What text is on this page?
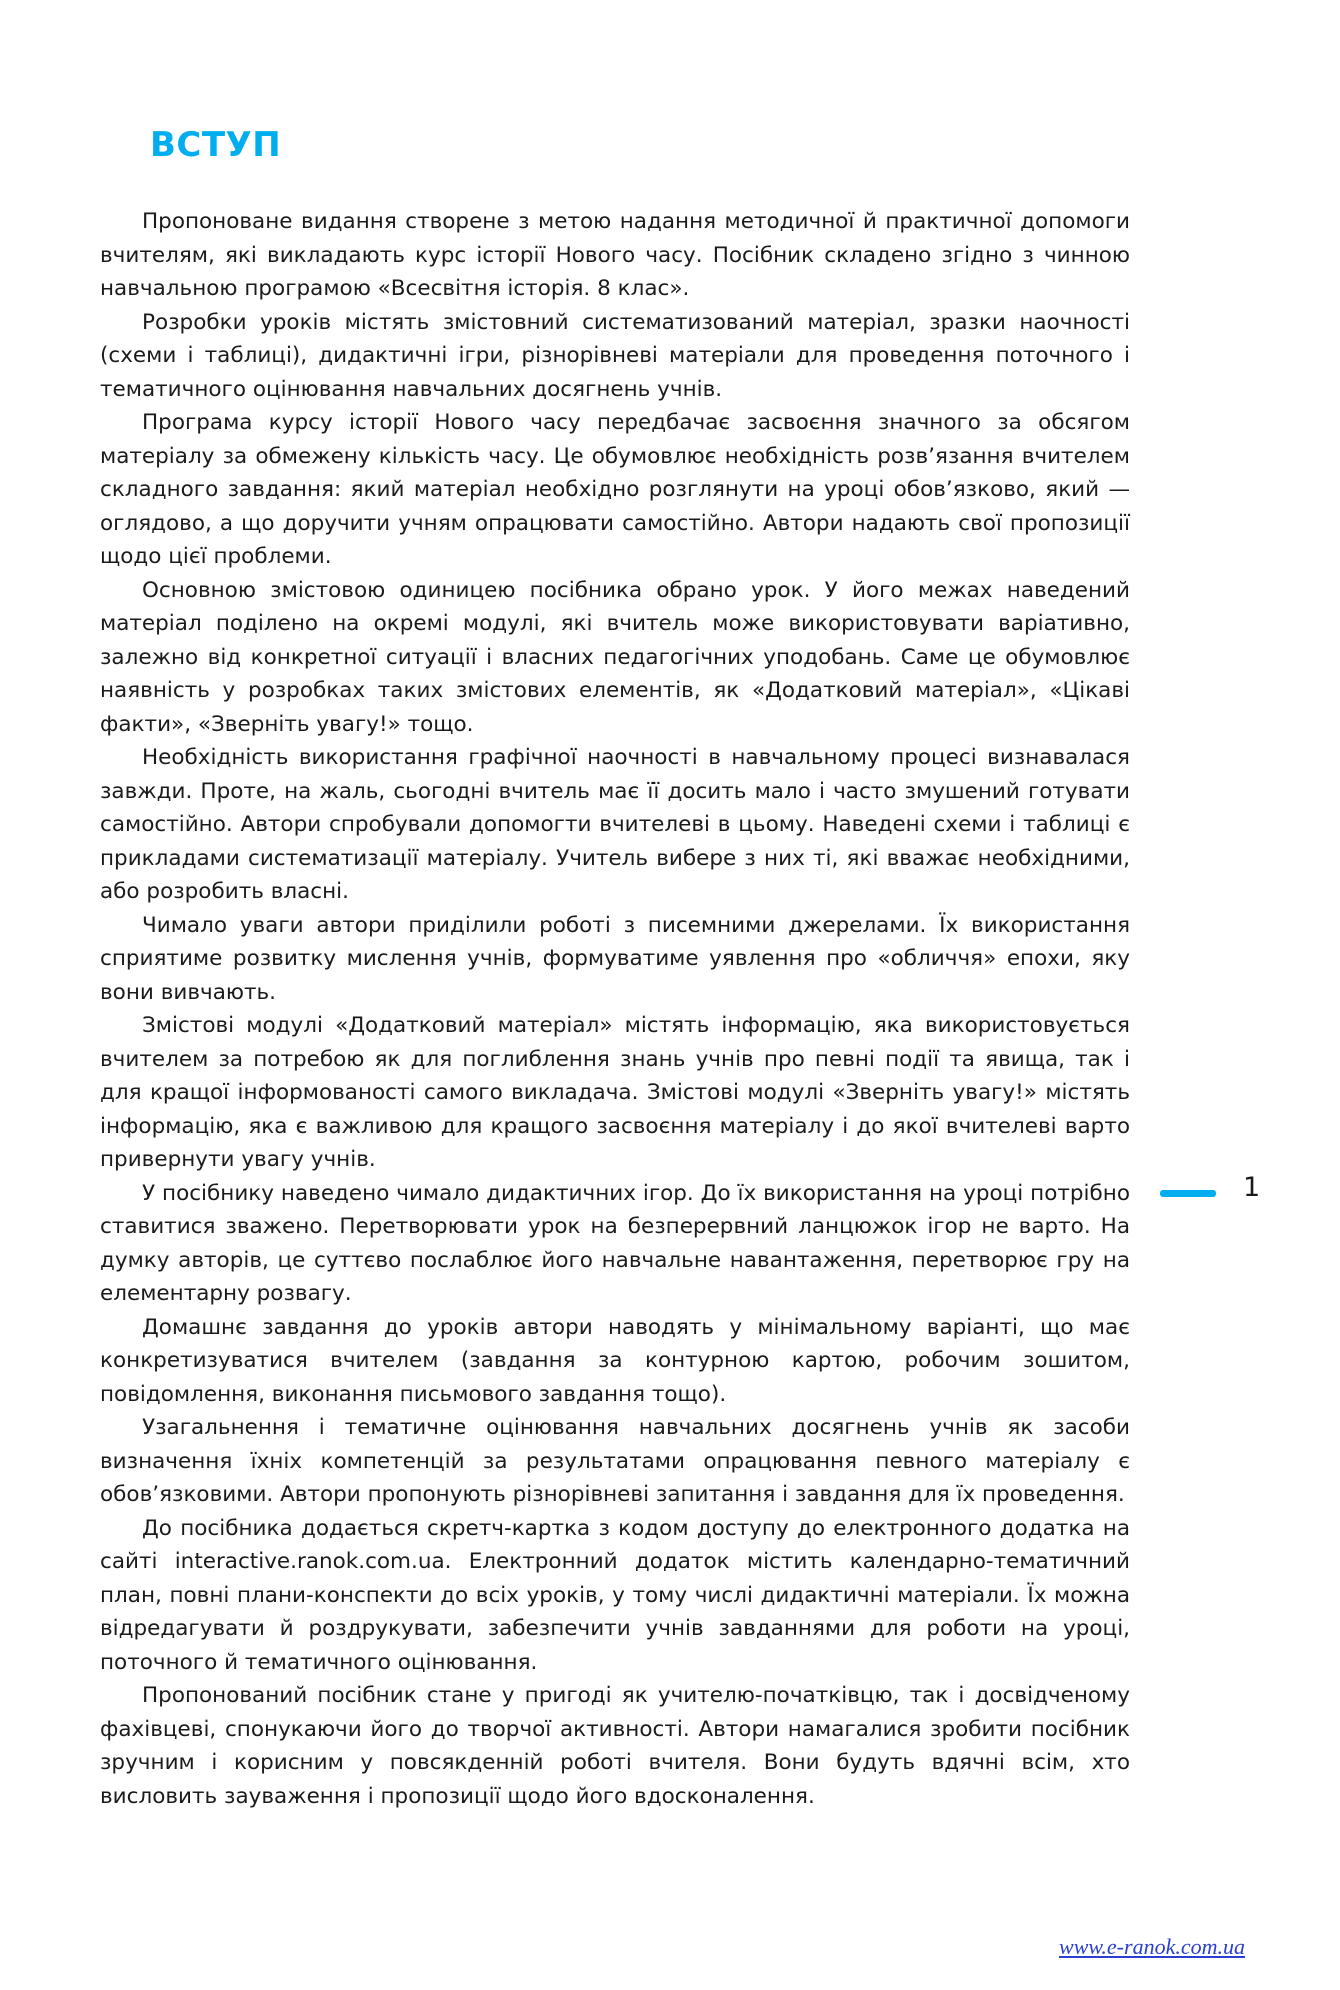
ВСТУП

Пропоноване видання створене з метою надання методичної й практичної допомоги вчителям, які викладають курс історії Нового часу. Посібник складено згідно з чинною навчальною програмою «Всесвітня історія. 8 клас».

Розробки уроків містять змістовний систематизований матеріал, зразки наочності (схеми і таблиці), дидактичні ігри, різнорівневі матеріали для проведення поточного і тематичного оцінювання навчальних досягнень учнів.

Програма курсу історії Нового часу передбачає засвоєння значного за обсягом матеріалу за обмежену кількість часу. Це обумовлює необхідність розв’язання вчителем складного завдання: який матеріал необхідно розглянути на уроці обов’язково, який — оглядово, а що доручити учням опрацювати самостійно. Автори надають свої пропозиції щодо цієї проблеми.

Основною змістовою одиницею посібника обрано урок. У його межах наведений матеріал поділено на окремі модулі, які вчитель може використовувати варіативно, залежно від конкретної ситуації і власних педагогічних уподобань. Саме це обумовлює наявність у розробках таких змістових елементів, як «Додатковий матеріал», «Цікаві факти», «Зверніть увагу!» тощо.

Необхідність використання графічної наочності в навчальному процесі визнавалася завжди. Проте, на жаль, сьогодні вчитель має її досить мало і часто змушений готувати самостійно. Автори спробували допомогти вчителеві в цьому. Наведені схеми і таблиці є прикладами систематизації матеріалу. Учитель вибере з них ті, які вважає необхідними, або розробить власні.

Чимало уваги автори приділили роботі з писемними джерелами. Їх використання сприятиме розвитку мислення учнів, формуватиме уявлення про «обличчя» епохи, яку вони вивчають.

Змістові модулі «Додатковий матеріал» містять інформацію, яка використовується вчителем за потребою як для поглиблення знань учнів про певні події та явища, так і для кращої інформованості самого викладача. Змістові модулі «Зверніть увагу!» містять інформацію, яка є важливою для кращого засвоєння матеріалу і до якої вчителеві варто привернути увагу учнів.

У посібнику наведено чимало дидактичних ігор. До їх використання на уроці потрібно ставитися зважено. Перетворювати урок на безперервний ланцюжок ігор не варто. На думку авторів, це суттєво послаблює його навчальне навантаження, перетворює гру на елементарну розвагу.

Домашнє завдання до уроків автори наводять у мінімальному варіанті, що має конкретизуватися вчителем (завдання за контурною картою, робочим зошитом, повідомлення, виконання письмового завдання тощо).

Узагальнення і тематичне оцінювання навчальних досягнень учнів як засоби визначення їхніх компетенцій за результатами опрацювання певного матеріалу є обов’язковими. Автори пропонують різнорівневі запитання і завдання для їх проведення.

До посібника додається скретч-картка з кодом доступу до електронного додатка на сайті interactive.ranok.com.ua. Електронний додаток містить календарно-тематичний план, повні плани-конспекти до всіх уроків, у тому числі дидактичні матеріали. Їх можна відредагувати й роздрукувати, забезпечити учнів завданнями для роботи на уроці, поточного й тематичного оцінювання.

Пропонований посібник стане у пригоді як учителю-початківцю, так і досвідченому фахівцеві, спонукаючи його до творчої активності. Автори намагалися зробити посібник зручним і корисним у повсякденній роботі вчителя. Вони будуть вдячні всім, хто висловить зауваження і пропозиції щодо його вдосконалення.

1
www.e-ranok.com.ua
